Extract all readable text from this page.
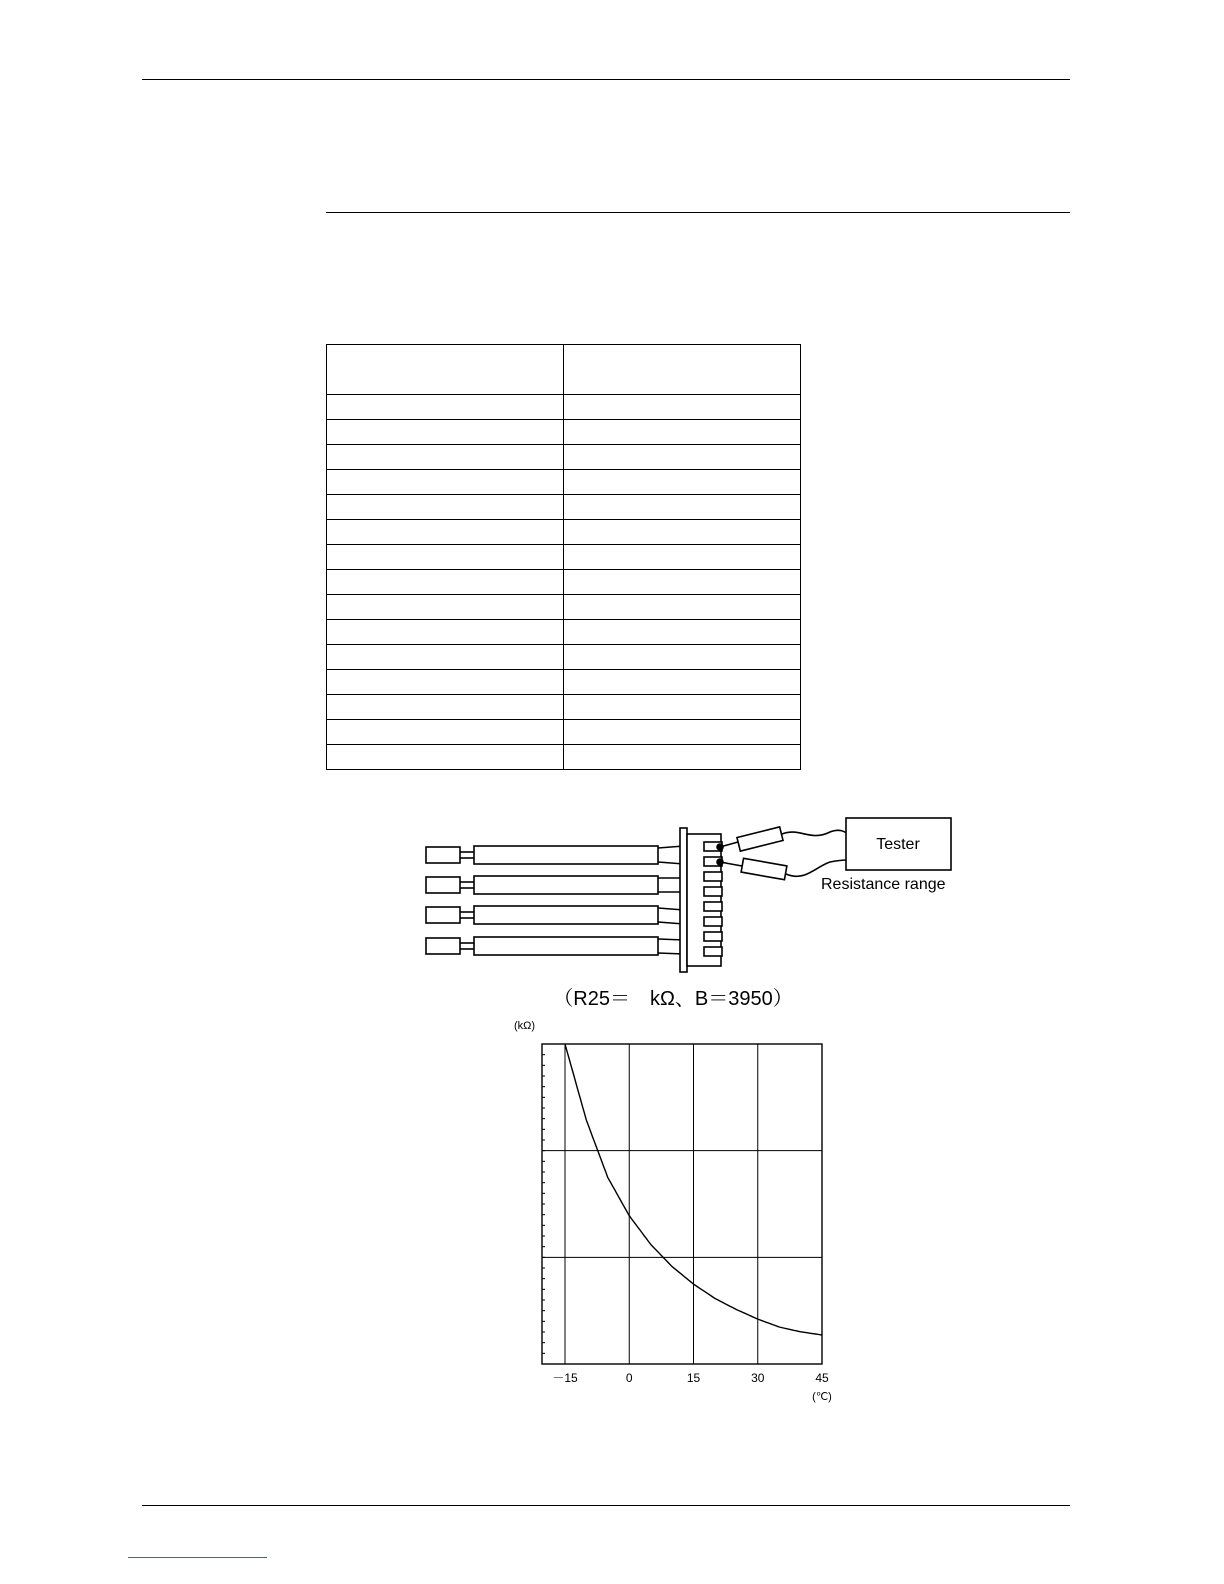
Tester
Resistance range
（R25＝　kΩ、B＝3950）
(kΩ)
－15	0	15	30	45
(℃)
